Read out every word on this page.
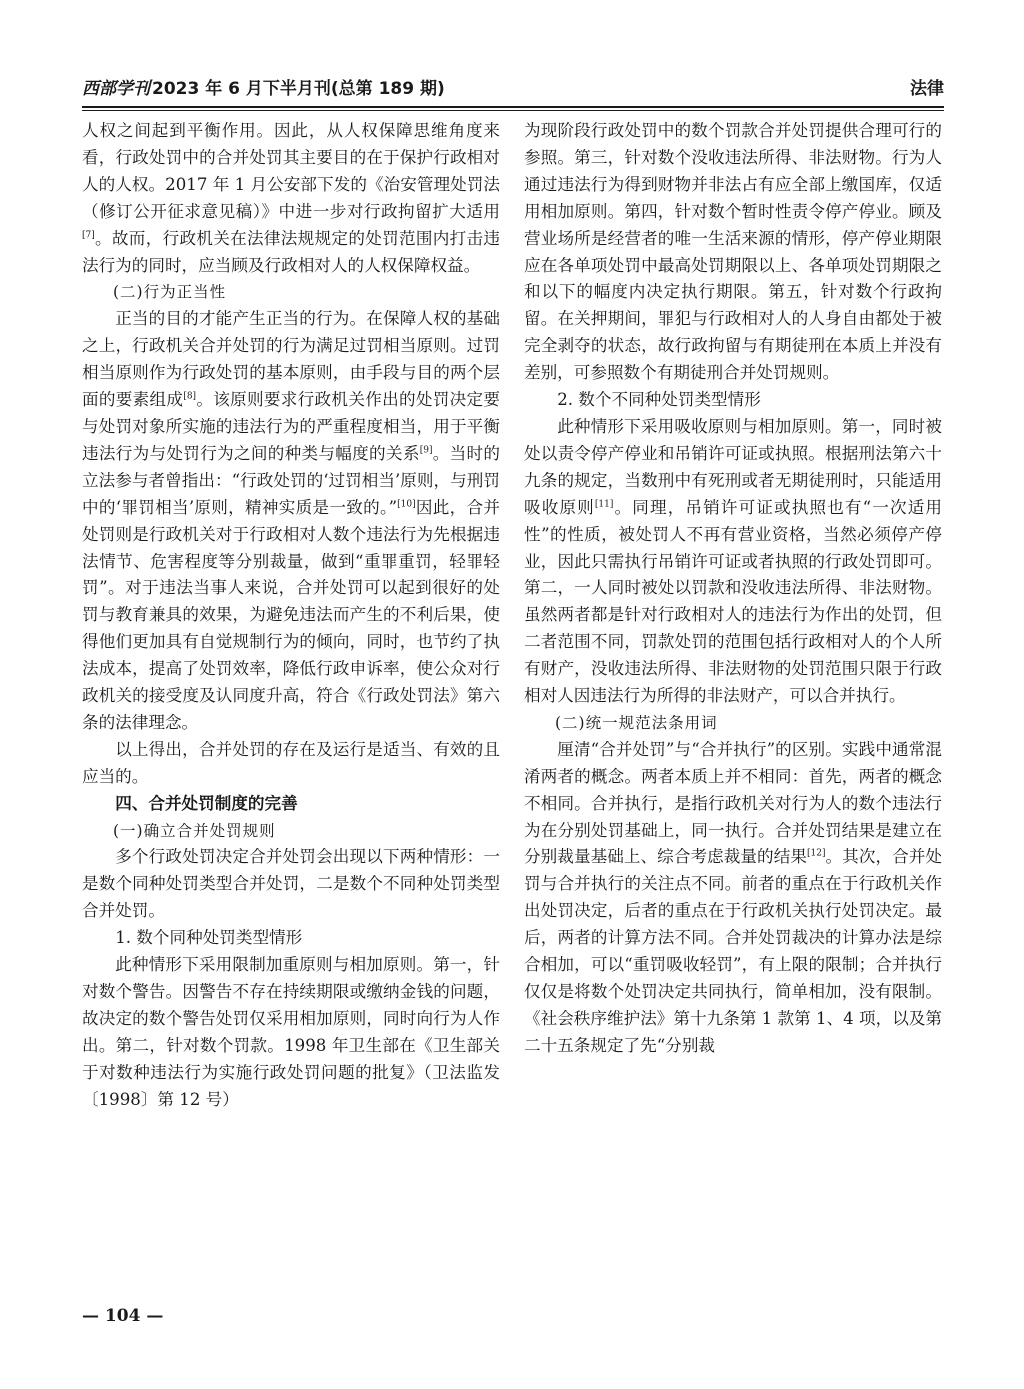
西部学刊 2023 年 6 月下半月刊(总第 189 期)	法律

人权之间起到平衡作用。因此，从人权保障思维角度来看，行政处罚中的合并处罚其主要目的在于保护行政相对人的人权。2017 年 1 月公安部下发的《治安管理处罚法（修订公开征求意见稿）》中进一步对行政拘留扩大适用[7]。故而，行政机关在法律法规规定的处罚范围内打击违法行为的同时，应当顾及行政相对人的人权保障权益。

(二)行为正当性

正当的目的才能产生正当的行为。在保障人权的基础之上，行政机关合并处罚的行为满足过罚相当原则。过罚相当原则作为行政处罚的基本原则，由手段与目的两个层面的要素组成[8]。该原则要求行政机关作出的处罚决定要与处罚对象所实施的违法行为的严重程度相当，用于平衡违法行为与处罚行为之间的种类与幅度的关系[9]。当时的立法参与者曾指出：“行政处罚的‘过罚相当’原则，与刑罚中的‘罪罚相当’原则，精神实质是一致的。”[10]因此，合并处罚则是行政机关对于行政相对人数个违法行为先根据违法情节、危害程度等分别裁量，做到“重罪重罚，轻罪轻罚”。对于违法当事人来说，合并处罚可以起到很好的处罚与教育兼具的效果，为避免违法而产生的不利后果，使得他们更加具有自觉规制行为的倾向，同时，也节约了执法成本，提高了处罚效率，降低行政申诉率，使公众对行政机关的接受度及认同度升高，符合《行政处罚法》第六条的法律理念。

以上得出，合并处罚的存在及运行是适当、有效的且应当的。

四、合并处罚制度的完善

(一)确立合并处罚规则

多个行政处罚决定合并处罚会出现以下两种情形：一是数个同种处罚类型合并处罚，二是数个不同种处罚类型合并处罚。

1. 数个同种处罚类型情形

此种情形下采用限制加重原则与相加原则。第一，针对数个警告。因警告不存在持续期限或缴纳金钱的问题，故决定的数个警告处罚仅采用相加原则，同时向行为人作出。第二，针对数个罚款。1998 年卫生部在《卫生部关于对数种违法行为实施行政处罚问题的批复》（卫法监发〔1998〕第 12 号）

为现阶段行政处罚中的数个罚款合并处罚提供合理可行的参照。第三，针对数个没收违法所得、非法财物。行为人通过违法行为得到财物并非法占有应全部上缴国库，仅适用相加原则。第四，针对数个暂时性责令停产停业。顾及营业场所是经营者的唯一生活来源的情形，停产停业期限应在各单项处罚中最高处罚期限以上、各单项处罚期限之和以下的幅度内决定执行期限。第五，针对数个行政拘留。在关押期间，罪犯与行政相对人的人身自由都处于被完全剥夺的状态，故行政拘留与有期徒刑在本质上并没有差别，可参照数个有期徒刑合并处罚规则。

2. 数个不同种处罚类型情形

此种情形下采用吸收原则与相加原则。第一，同时被处以责令停产停业和吊销许可证或执照。根据刑法第六十九条的规定，当数刑中有死刑或者无期徒刑时，只能适用吸收原则[11]。同理，吊销许可证或执照也有“一次适用性”的性质，被处罚人不再有营业资格，当然必须停产停业，因此只需执行吊销许可证或者执照的行政处罚即可。第二，一人同时被处以罚款和没收违法所得、非法财物。虽然两者都是针对行政相对人的违法行为作出的处罚，但二者范围不同，罚款处罚的范围包括行政相对人的个人所有财产，没收违法所得、非法财物的处罚范围只限于行政相对人因违法行为所得的非法财产，可以合并执行。

(二)统一规范法条用词

厘清“合并处罚”与“合并执行”的区别。实践中通常混淆两者的概念。两者本质上并不相同：首先，两者的概念不相同。合并执行，是指行政机关对行为人的数个违法行为在分别处罚基础上，同一执行。合并处罚结果是建立在分别裁量基础上、综合考虑裁量的结果[12]。其次，合并处罚与合并执行的关注点不同。前者的重点在于行政机关作出处罚决定，后者的重点在于行政机关执行处罚决定。最后，两者的计算方法不同。合并处罚裁决的计算办法是综合相加，可以“重罚吸收轻罚”，有上限的限制；合并执行仅仅是将数个处罚决定共同执行，简单相加，没有限制。《社会秩序维护法》第十九条第 1 款第 1、4 项，以及第二十五条规定了先“分别裁

— 104 —
